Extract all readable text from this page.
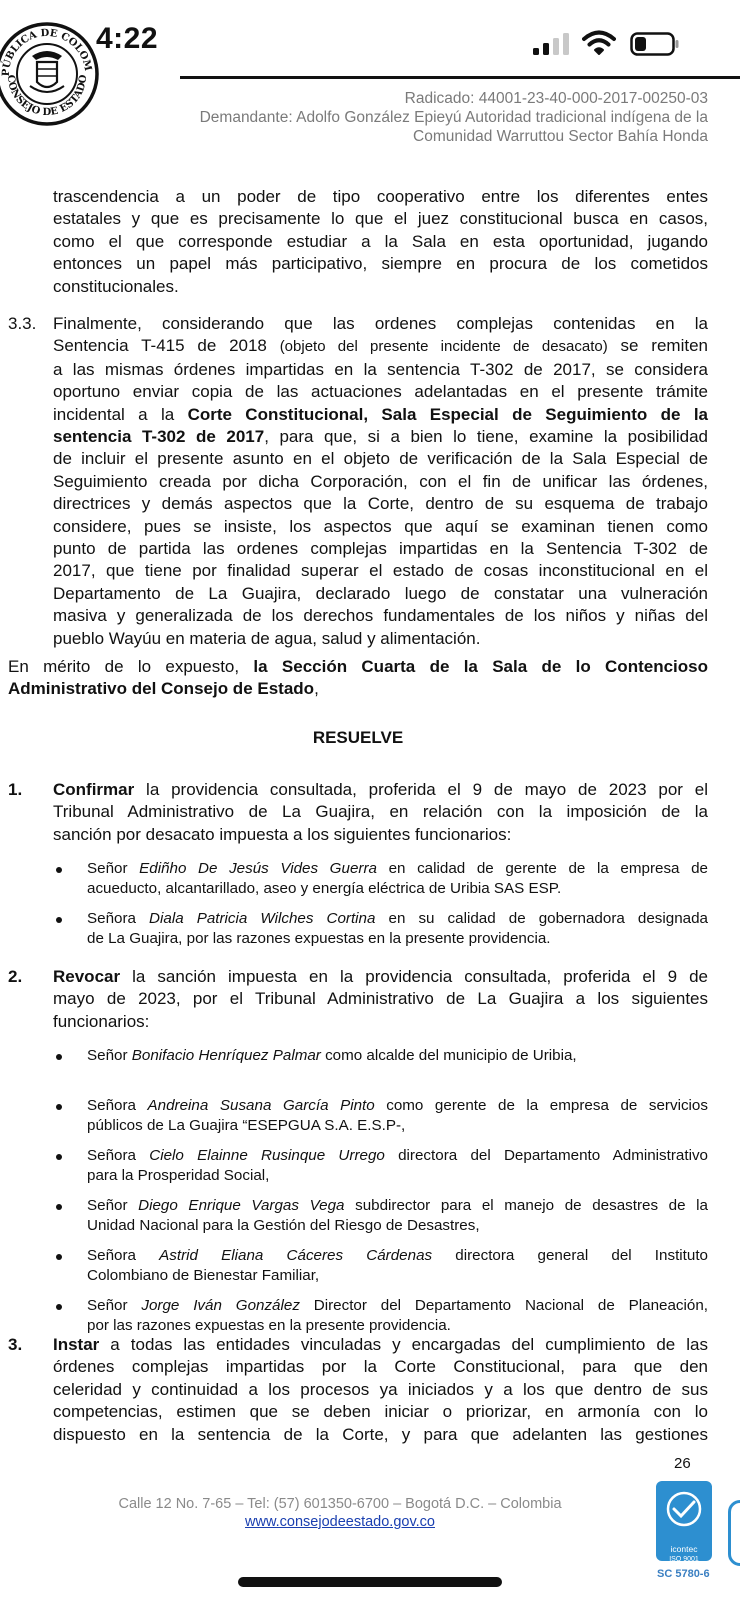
4:22
PÚBLICA DE COLOM
CONSEJO DE ESTADO
Radicado: 44001-23-40-000-2017-00250-03
Demandante: Adolfo González Epieyú Autoridad tradicional indígena de la
Comunidad Warruttou Sector Bahía Honda
trascendencia a un poder de tipo cooperativo entre los diferentes entes
estatales y que es precisamente lo que el juez constitucional busca en casos,
como el que corresponde estudiar a la Sala en esta oportunidad, jugando
entonces un papel más participativo, siempre en procura de los cometidos
constitucionales.
3.3. Finalmente, considerando que las ordenes complejas contenidas en la
Sentencia T-415 de 2018 (objeto del presente incidente de desacato) se remiten
a las mismas órdenes impartidas en la sentencia T-302 de 2017, se considera
oportuno enviar copia de las actuaciones adelantadas en el presente trámite
incidental a la Corte Constitucional, Sala Especial de Seguimiento de la
sentencia T-302 de 2017, para que, si a bien lo tiene, examine la posibilidad
de incluir el presente asunto en el objeto de verificación de la Sala Especial de
Seguimiento creada por dicha Corporación, con el fin de unificar las órdenes,
directrices y demás aspectos que la Corte, dentro de su esquema de trabajo
considere, pues se insiste, los aspectos que aquí se examinan tienen como
punto de partida las ordenes complejas impartidas en la Sentencia T-302 de
2017, que tiene por finalidad superar el estado de cosas inconstitucional en el
Departamento de La Guajira, declarado luego de constatar una vulneración
masiva y generalizada de los derechos fundamentales de los niños y niñas del
pueblo Wayúu en materia de agua, salud y alimentación.
En mérito de lo expuesto, la Sección Cuarta de la Sala de lo Contencioso
Administrativo del Consejo de Estado,
RESUELVE
1. Confirmar la providencia consultada, proferida el 9 de mayo de 2023 por el
Tribunal Administrativo de La Guajira, en relación con la imposición de la
sanción por desacato impuesta a los siguientes funcionarios:
Señor Ediñho De Jesús Vides Guerra en calidad de gerente de la empresa de
acueducto, alcantarillado, aseo y energía eléctrica de Uribia SAS ESP.
Señora Diala Patricia Wilches Cortina en su calidad de gobernadora designada
de La Guajira, por las razones expuestas en la presente providencia.
2. Revocar la sanción impuesta en la providencia consultada, proferida el 9 de
mayo de 2023, por el Tribunal Administrativo de La Guajira a los siguientes
funcionarios:
Señor Bonifacio Henríquez Palmar como alcalde del municipio de Uribia,
Señora Andreina Susana García Pinto como gerente de la empresa de servicios
públicos de La Guajira “ESEPGUA S.A. E.S.P-,
Señora Cielo Elainne Rusinque Urrego directora del Departamento Administrativo
para la Prosperidad Social,
Señor Diego Enrique Vargas Vega subdirector para el manejo de desastres de la
Unidad Nacional para la Gestión del Riesgo de Desastres,
Señora Astrid Eliana Cáceres Cárdenas directora general del Instituto
Colombiano de Bienestar Familiar,
Señor Jorge Iván González Director del Departamento Nacional de Planeación,
por las razones expuestas en la presente providencia.
3. Instar a todas las entidades vinculadas y encargadas del cumplimiento de las
órdenes complejas impartidas por la Corte Constitucional, para que den
celeridad y continuidad a los procesos ya iniciados y a los que dentro de sus
competencias, estimen que se deben iniciar o priorizar, en armonía con lo
dispuesto en la sentencia de la Corte, y para que adelanten las gestiones
26
Calle 12 No. 7-65 – Tel: (57) 601350-6700 – Bogotá D.C. – Colombia
www.consejodeestado.gov.co
icontec
ISO 9001
SC 5780-6
